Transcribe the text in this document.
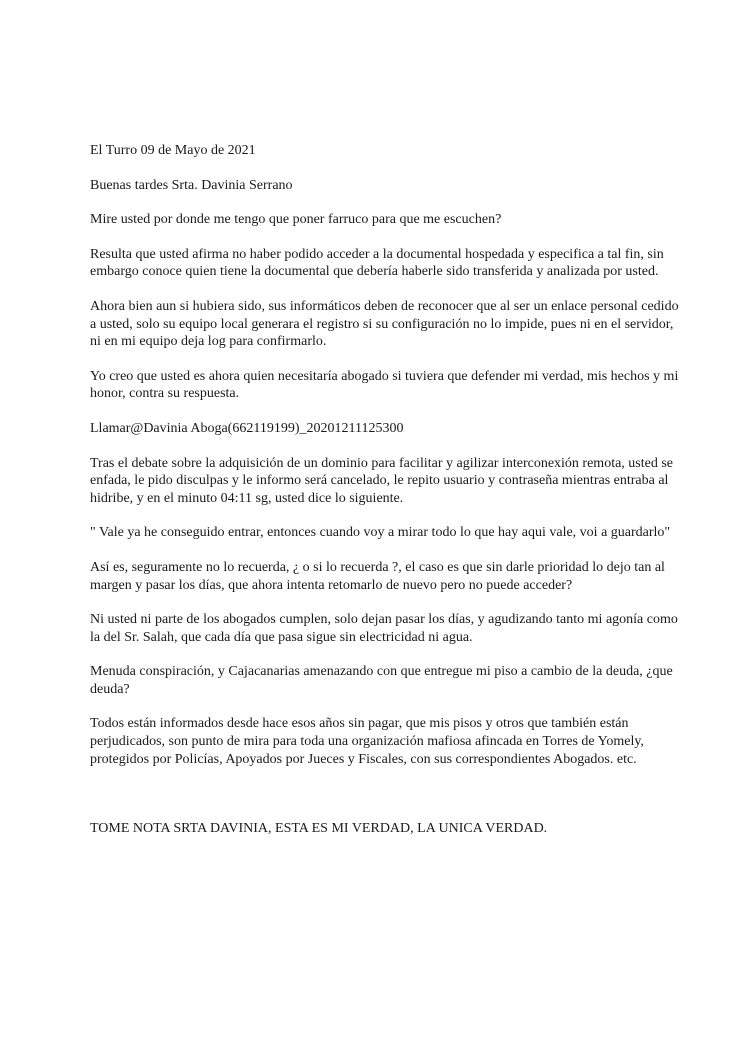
El Turro 09 de Mayo de 2021

Buenas tardes Srta. Davinia Serrano

Mire usted por donde me tengo que poner farruco para que me escuchen?

Resulta que usted afirma no haber podido acceder a la documental hospedada y especifica a tal fin, sin embargo conoce quien tiene la documental que debería haberle sido transferida y analizada por usted.

Ahora bien aun si hubiera sido, sus informáticos deben de reconocer que al ser un enlace personal cedido a usted, solo su equipo local generara el registro si su configuración no lo impide, pues ni en el servidor, ni en mi equipo deja log para confirmarlo.

Yo creo que usted es ahora quien necesitaría abogado si tuviera que defender mi verdad, mis hechos y mi honor, contra su respuesta.

Llamar@Davinia Aboga(662119199)_20201211125300

Tras el debate sobre la adquisición de un dominio para facilitar y agilizar interconexión remota, usted se enfada, le pido disculpas y le informo será cancelado, le repito usuario y contraseña mientras entraba al hidribe, y en el minuto 04:11 sg, usted dice lo siguiente.

" Vale ya he conseguido entrar, entonces cuando voy a mirar todo lo que hay aqui vale, voi a guardarlo"

Así es, seguramente no lo recuerda, ¿ o si lo recuerda ?, el caso es que sin darle prioridad lo dejo tan al margen y pasar los días, que ahora intenta retomarlo de nuevo pero no puede acceder?

Ni usted ni parte de los abogados cumplen, solo dejan pasar los días, y agudizando tanto mi agonía como la del Sr. Salah, que cada día que pasa sigue sin electricidad ni agua.

Menuda conspiración, y Cajacanarias amenazando con que entregue mi piso a cambio de la deuda, ¿que deuda?

Todos están informados desde hace esos años sin pagar, que mis pisos y otros que también están perjudicados, son punto de mira para toda una organización mafiosa afincada en Torres de Yomely, protegidos por Policías, Apoyados por Jueces y Fiscales, con sus correspondientes Abogados. etc.

TOME NOTA SRTA DAVINIA, ESTA ES MI VERDAD, LA UNICA VERDAD.
